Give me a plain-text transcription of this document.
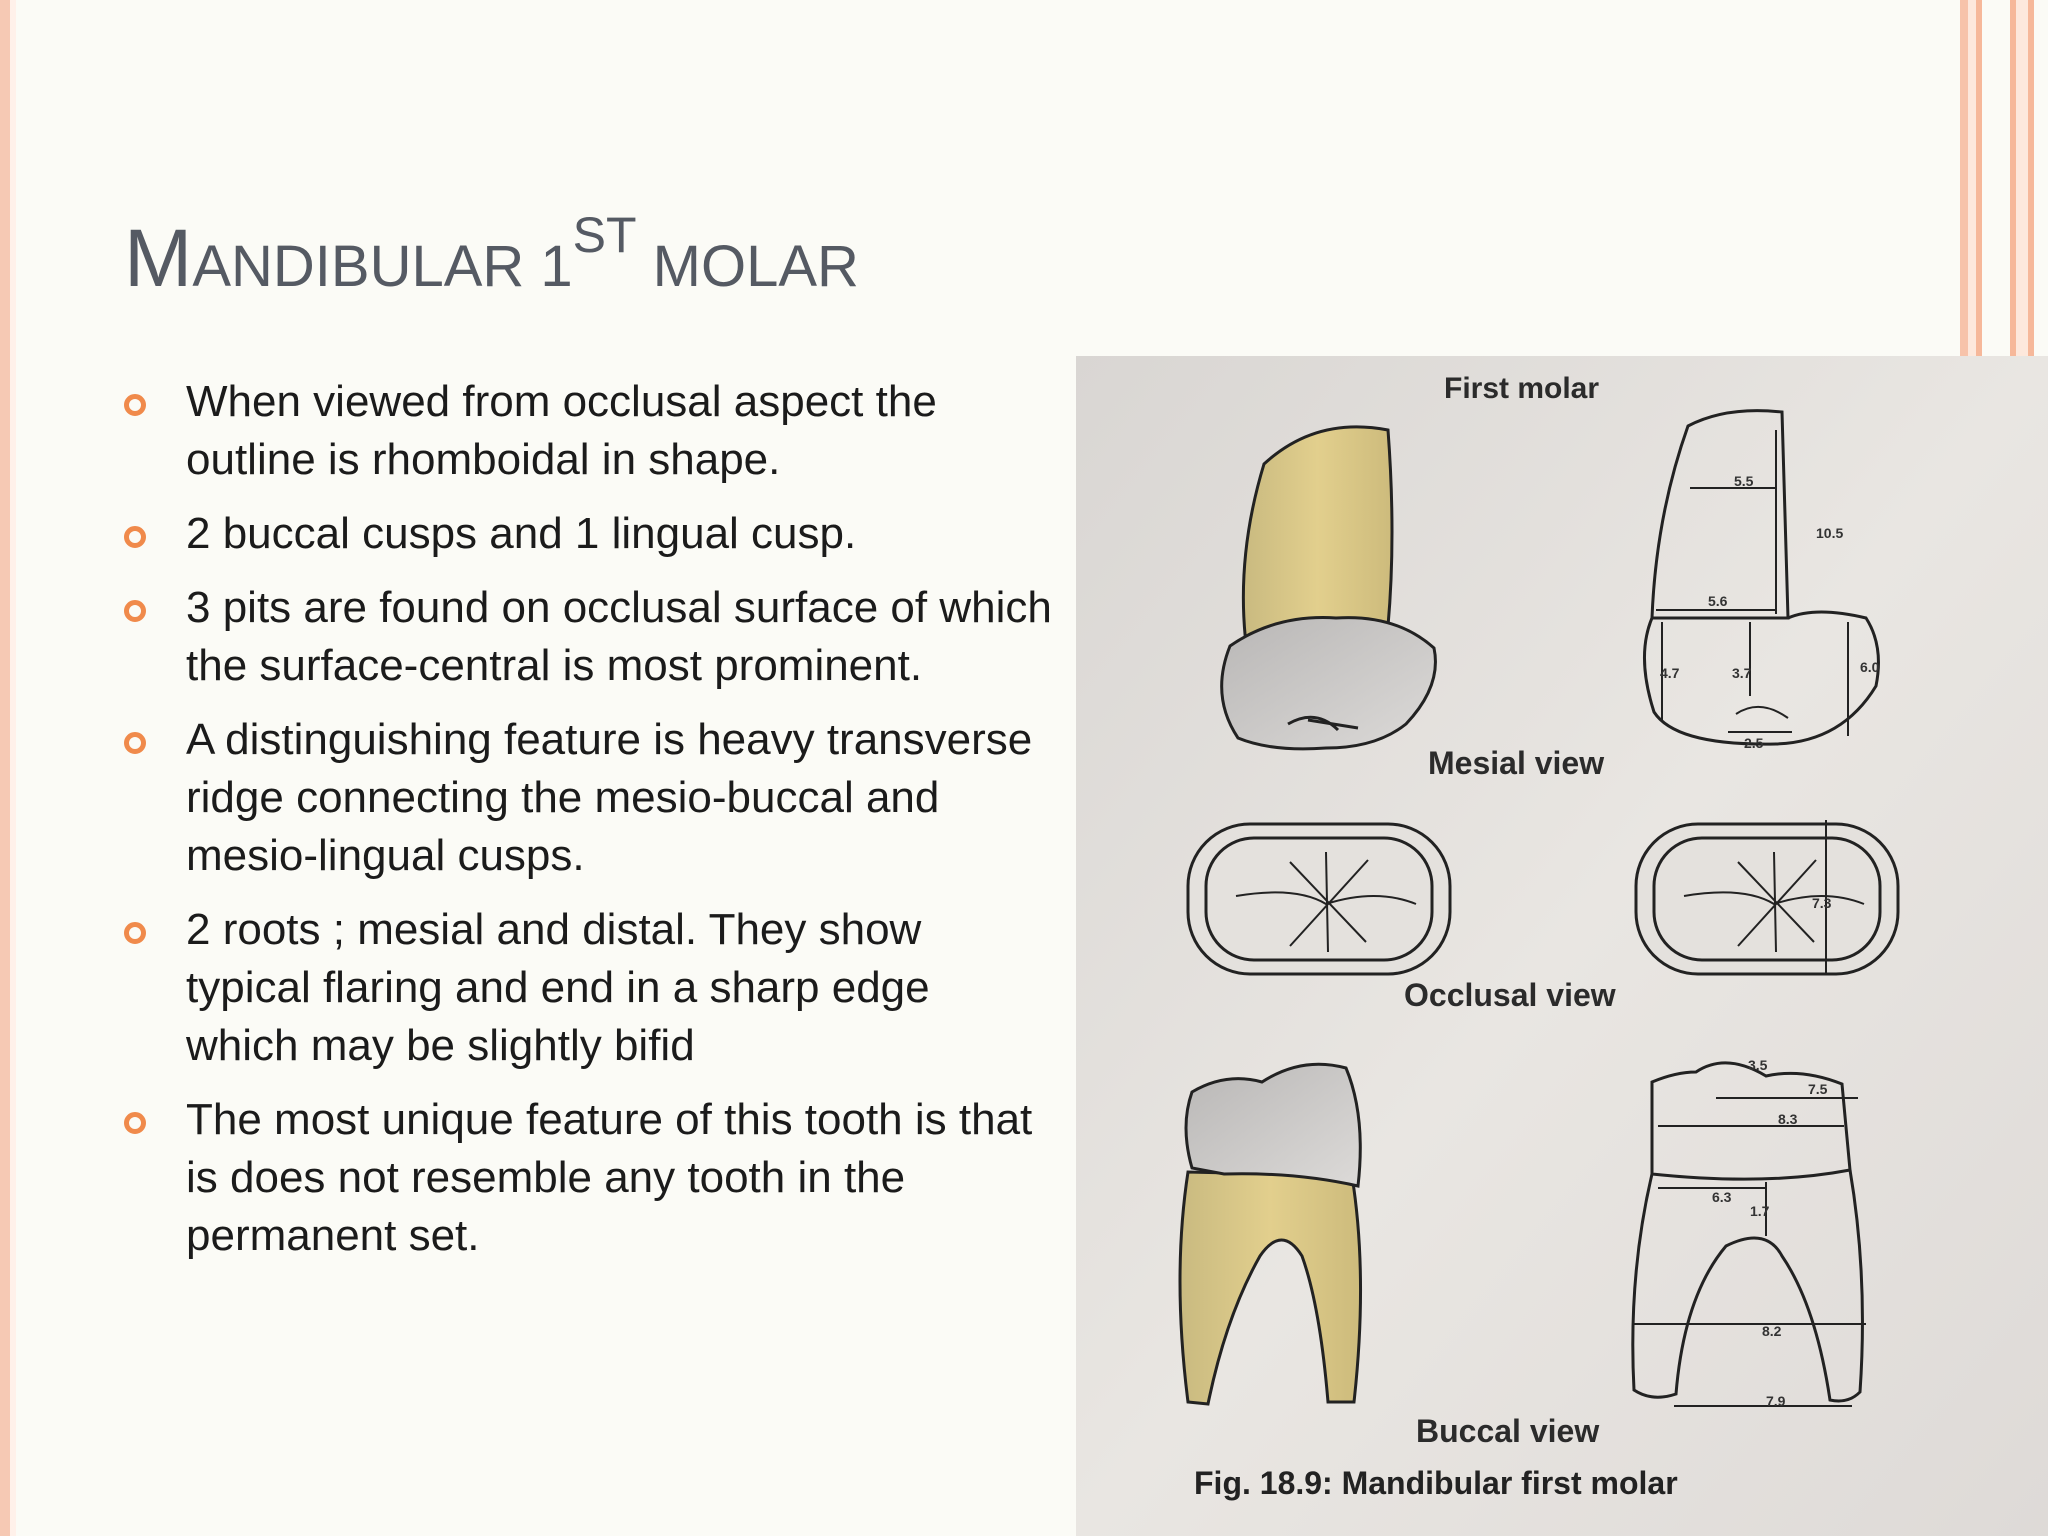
MANDIBULAR 1ST MOLAR
When viewed from occlusal aspect the outline is rhomboidal in shape.
2 buccal cusps and 1 lingual cusp.
3 pits are found on occlusal surface of which the surface-central is most prominent.
A distinguishing feature is heavy transverse ridge connecting the mesio-buccal and mesio-lingual cusps.
2 roots ; mesial and distal. They show typical flaring and end in a sharp edge which may be slightly bifid
The most unique feature of this tooth is that is does not resemble any tooth in the permanent set.
First molar
5.5
10.5
5.6
4.7	3.7	6.0
2.5
Mesial view
7.3
Occlusal view
3.5
7.5
8.3
6.3
1.7
8.2
7.9
Buccal view
Fig. 18.9: Mandibular first molar
